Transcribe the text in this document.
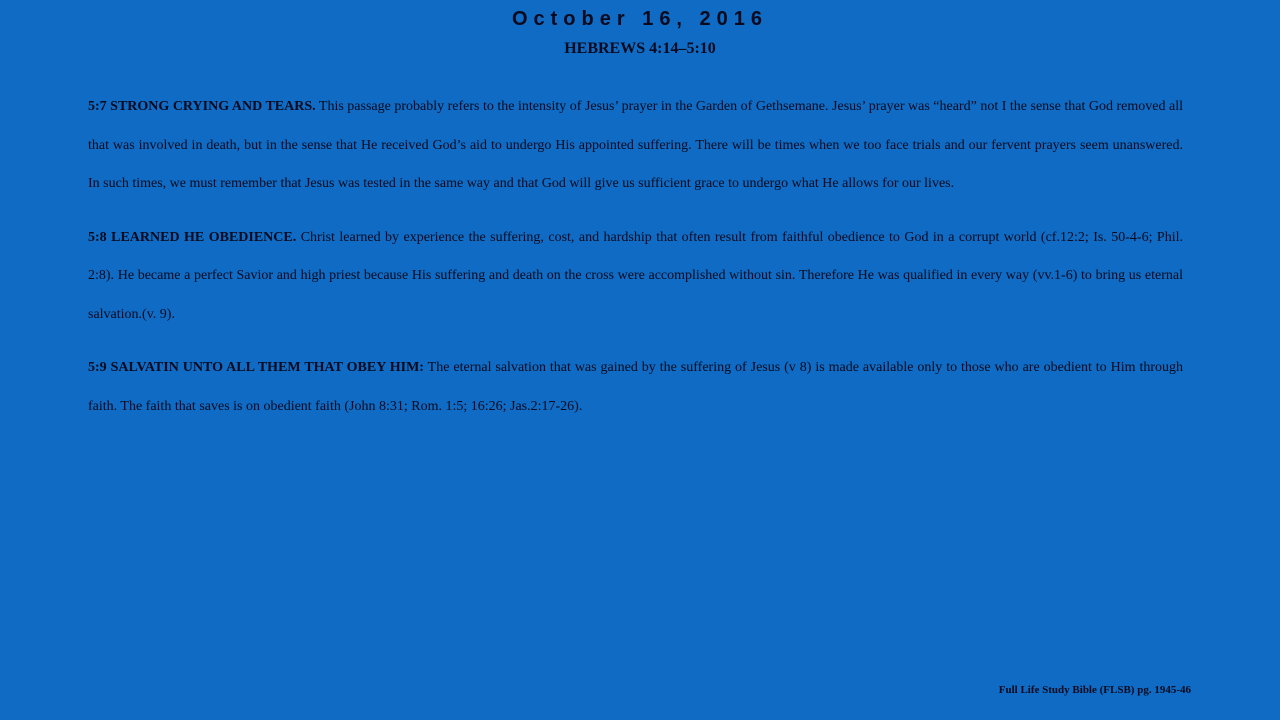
October 16, 2016
HEBREWS 4:14–5:10

5:7 STRONG CRYING AND TEARS. This passage probably refers to the intensity of Jesus’ prayer in the Garden of Gethsemane. Jesus’ prayer was “heard” not I the sense that God removed all that was involved in death, but in the sense that He received God’s aid to undergo His appointed suffering. There will be times when we too face trials and our fervent prayers seem unanswered. In such times, we must remember that Jesus was tested in the same way and that God will give us sufficient grace to undergo what He allows for our lives.

5:8 LEARNED HE OBEDIENCE. Christ learned by experience the suffering, cost, and hardship that often result from faithful obedience to God in a corrupt world (cf.12:2; Is. 50-4-6; Phil. 2:8). He became a perfect Savior and high priest because His suffering and death on the cross were accomplished without sin. Therefore He was qualified in every way (vv.1-6) to bring us eternal salvation.(v. 9).

5:9 SALVATIN UNTO ALL THEM THAT OBEY HIM: The eternal salvation that was gained by the suffering of Jesus (v 8) is made available only to those who are obedient to Him through faith. The faith that saves is on obedient faith (John 8:31; Rom. 1:5; 16:26; Jas.2:17-26).

Full Life Study Bible (FLSB) pg. 1945-46
